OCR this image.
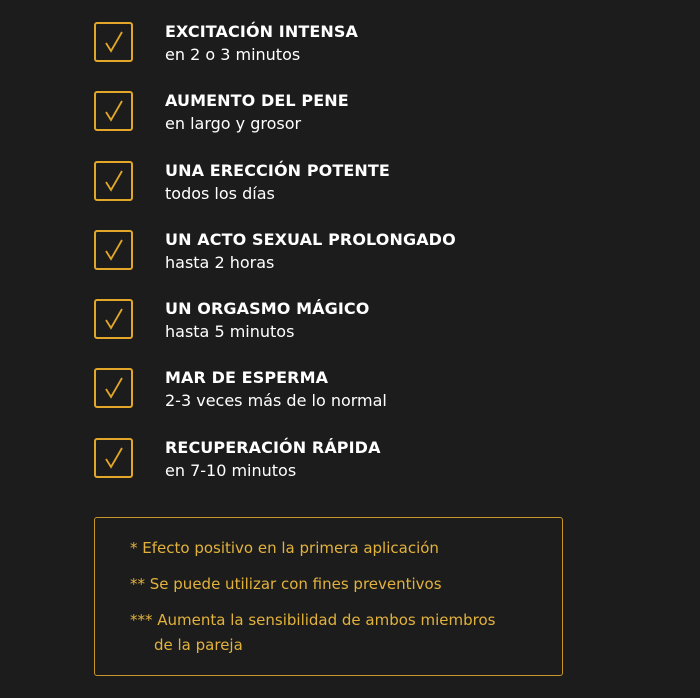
EXCITACIÓN INTENSA
en 2 o 3 minutos
AUMENTO DEL PENE
en largo y grosor
UNA ERECCIÓN POTENTE
todos los días
UN ACTO SEXUAL PROLONGADO
hasta 2 horas
UN ORGASMO MÁGICO
hasta 5 minutos
MAR DE ESPERMA
2-3 veces más de lo normal
RECUPERACIÓN RÁPIDA
en 7-10 minutos
* Efecto positivo en la primera aplicación
** Se puede utilizar con fines preventivos
*** Aumenta la sensibilidad de ambos miembros
de la pareja
